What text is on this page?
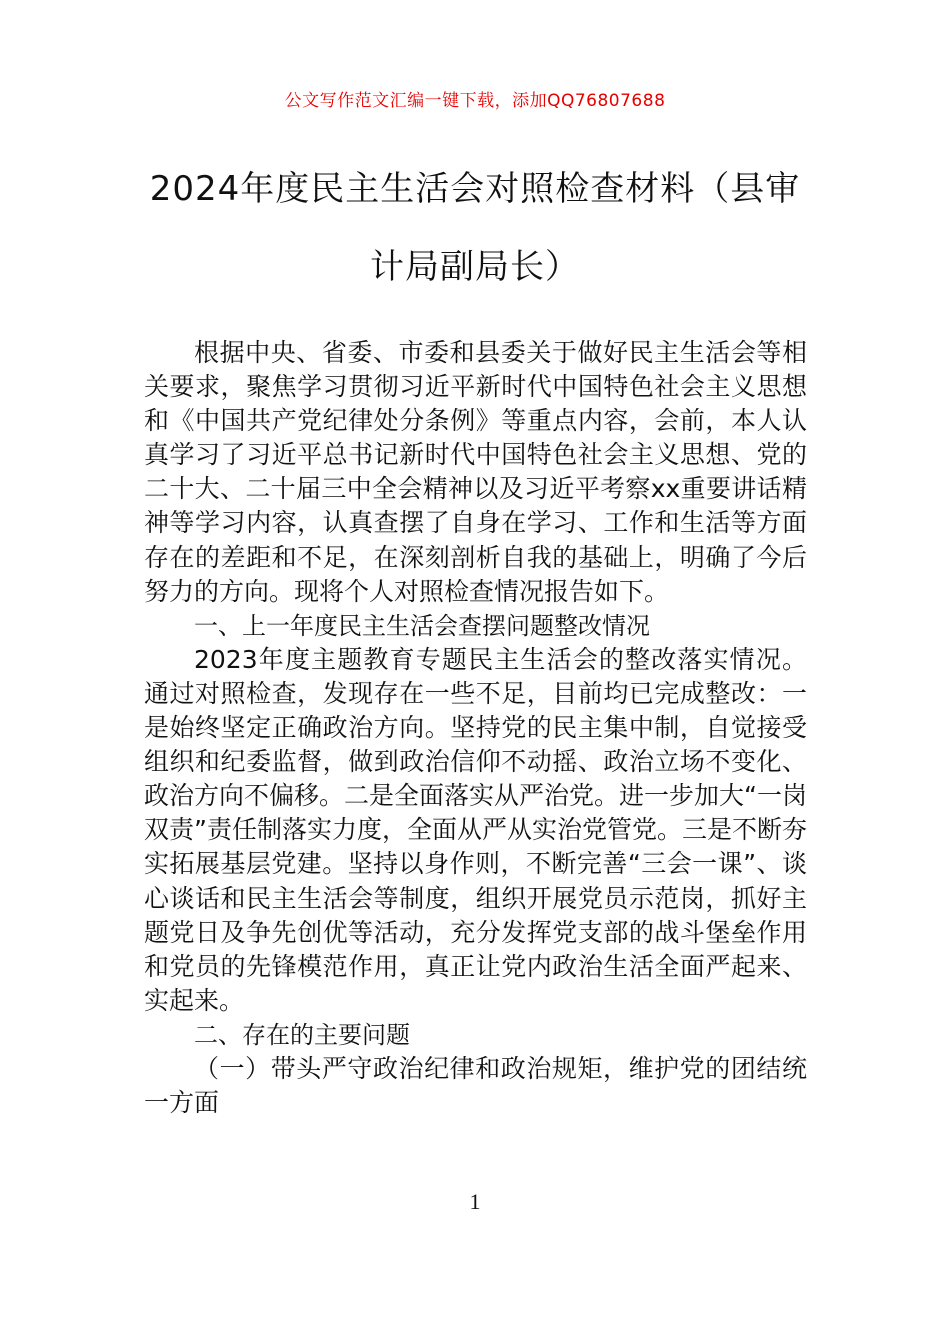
公文写作范文汇编一键下载，添加QQ76807688
2024年度民主生活会对照检查材料（县审计局副局长）

根据中央、省委、市委和县委关于做好民主生活会等相关要求，聚焦学习贯彻习近平新时代中国特色社会主义思想和《中国共产党纪律处分条例》等重点内容，会前，本人认真学习了习近平总书记新时代中国特色社会主义思想、党的二十大、二十届三中全会精神以及习近平考察xx重要讲话精神等学习内容，认真查摆了自身在学习、工作和生活等方面存在的差距和不足，在深刻剖析自我的基础上，明确了今后努力的方向。现将个人对照检查情况报告如下。

一、上一年度民主生活会查摆问题整改情况

2023年度主题教育专题民主生活会的整改落实情况。通过对照检查，发现存在一些不足，目前均已完成整改：一是始终坚定正确政治方向。坚持党的民主集中制，自觉接受组织和纪委监督，做到政治信仰不动摇、政治立场不变化、政治方向不偏移。二是全面落实从严治党。进一步加大“一岗双责”责任制落实力度，全面从严从实治党管党。三是不断夯实拓展基层党建。坚持以身作则，不断完善“三会一课”、谈心谈话和民主生活会等制度，组织开展党员示范岗，抓好主题党日及争先创优等活动，充分发挥党支部的战斗堡垒作用和党员的先锋模范作用，真正让党内政治生活全面严起来、实起来。

二、存在的主要问题

（一）带头严守政治纪律和政治规矩，维护党的团结统一方面

1
